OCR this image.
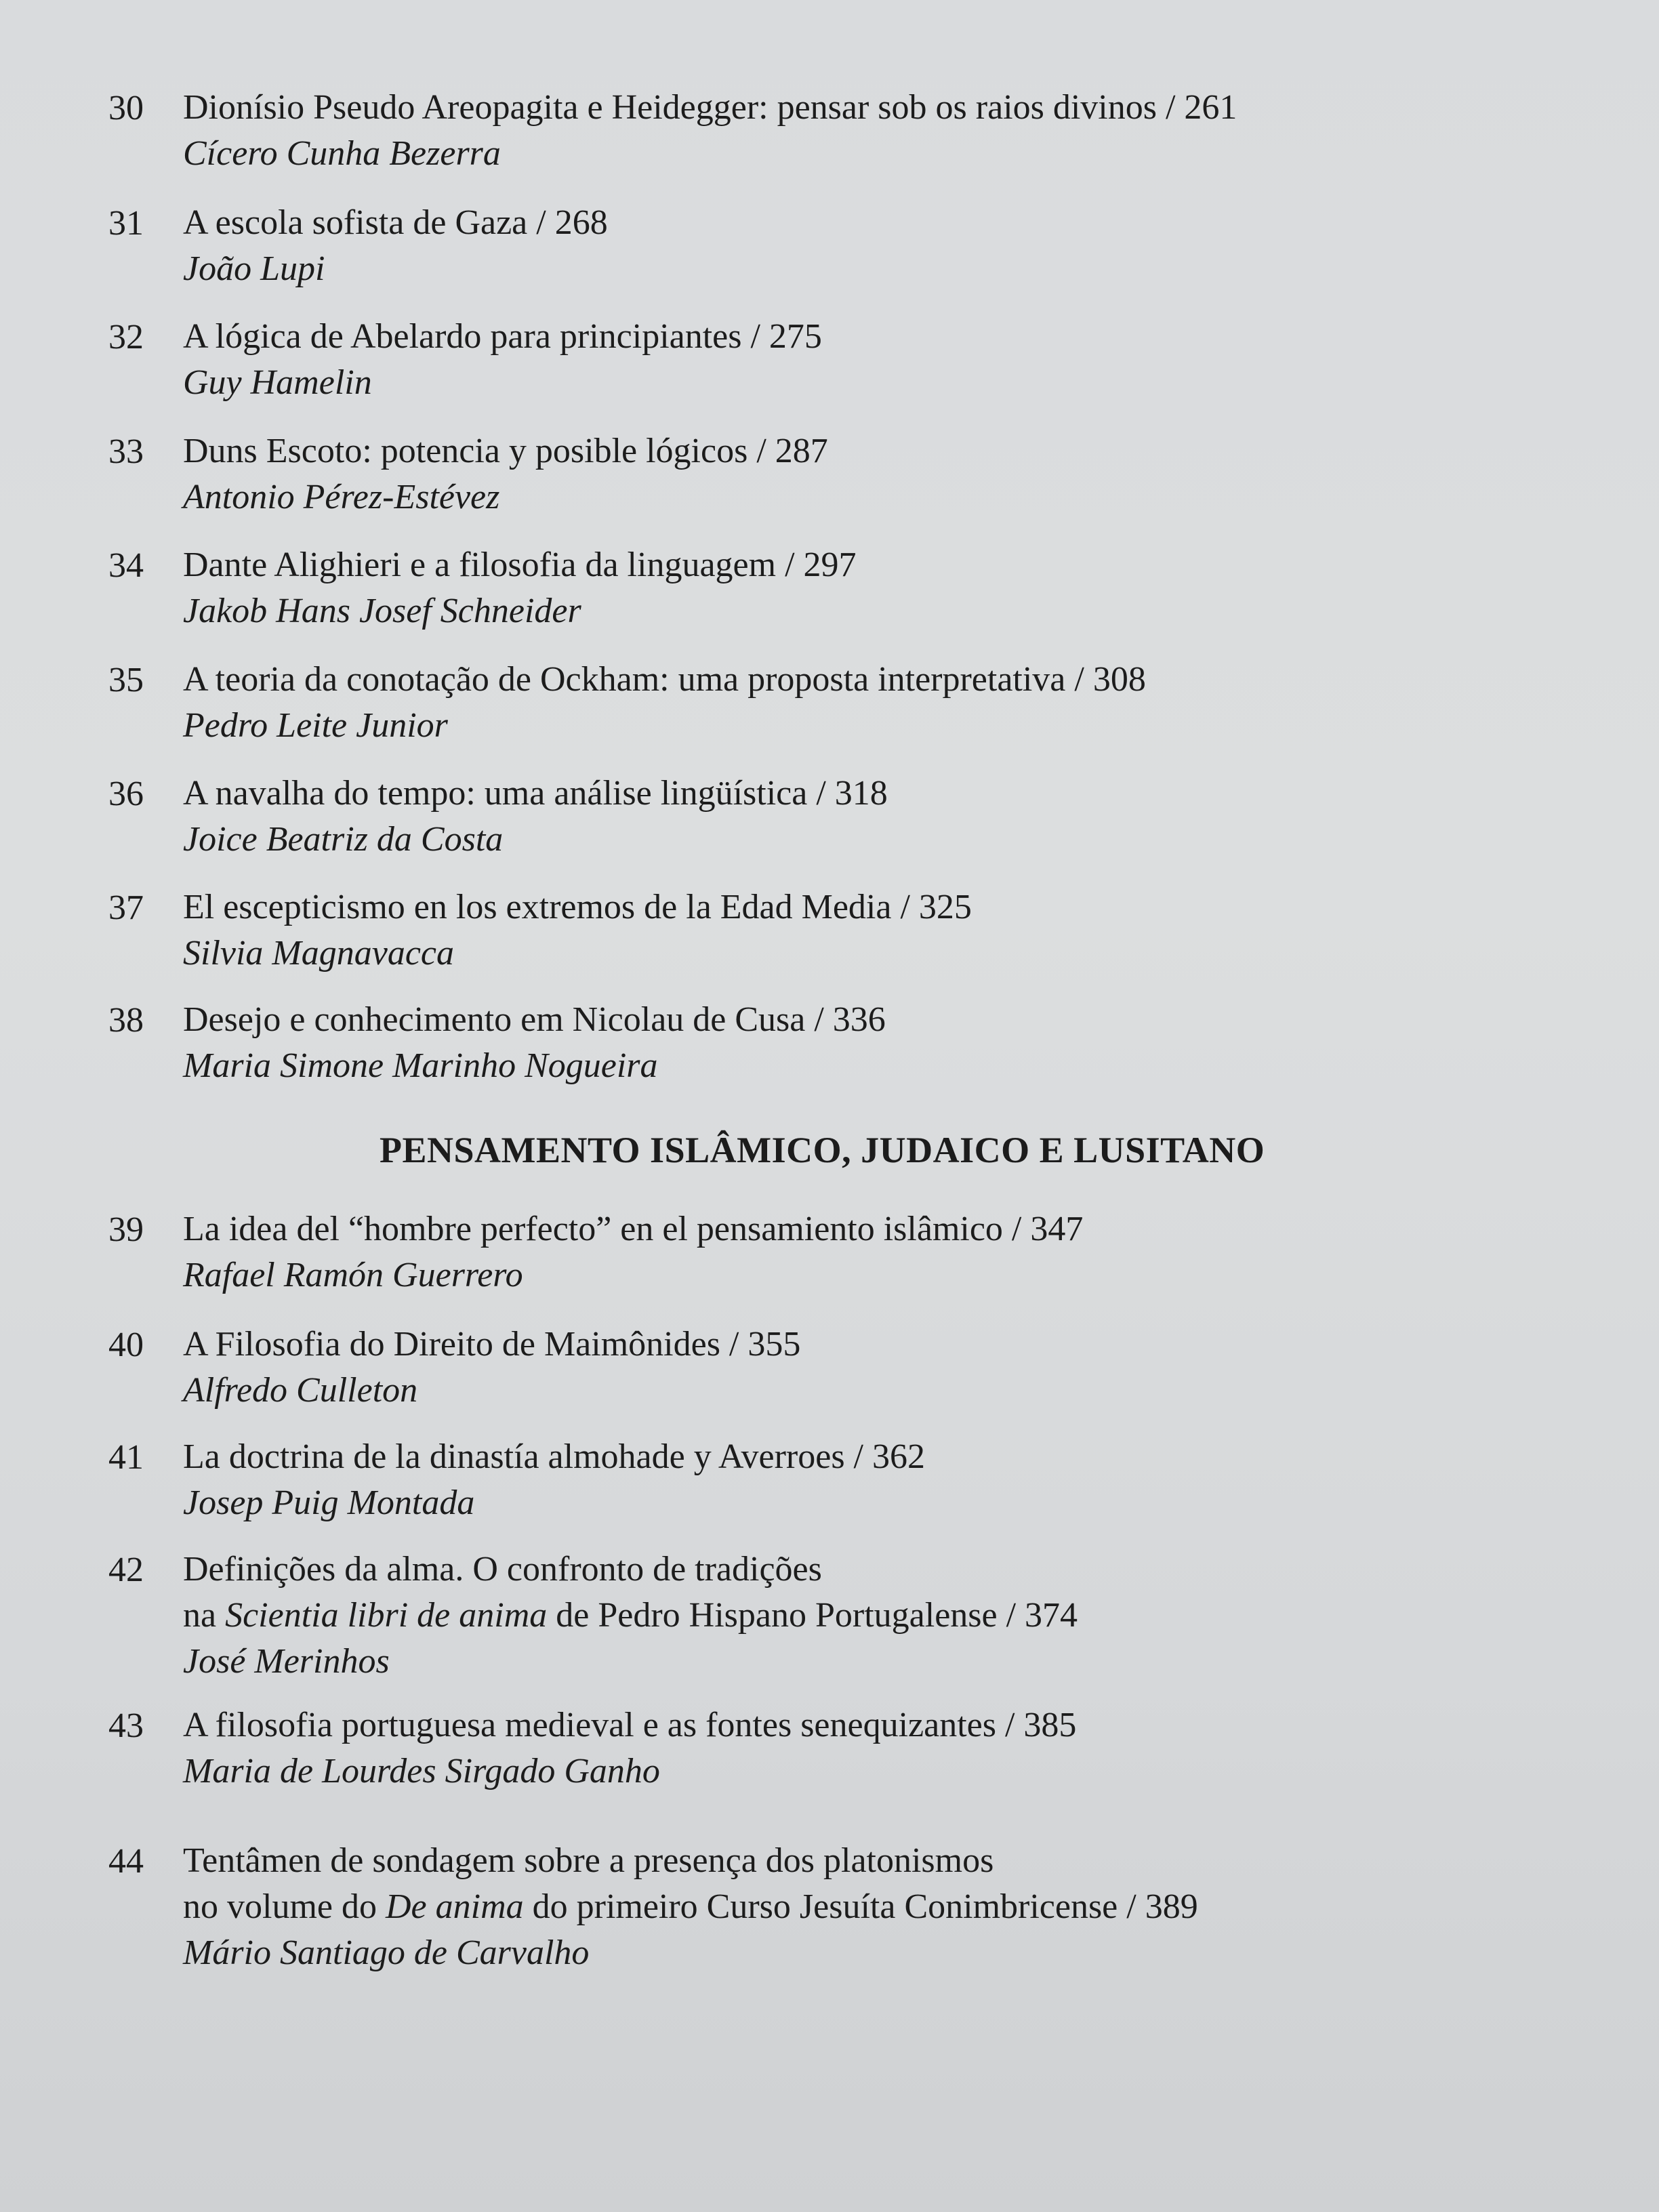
30	Dionísio Pseudo Areopagita e Heidegger: pensar sob os raios divinos / 261
Cícero Cunha Bezerra
31	A escola sofista de Gaza / 268
João Lupi
32	A lógica de Abelardo para principiantes / 275
Guy Hamelin
33	Duns Escoto: potencia y posible lógicos / 287
Antonio Pérez-Estévez
34	Dante Alighieri e a filosofia da linguagem / 297
Jakob Hans Josef Schneider
35	A teoria da conotação de Ockham: uma proposta interpretativa / 308
Pedro Leite Junior
36	A navalha do tempo: uma análise lingüística / 318
Joice Beatriz da Costa
37	El escepticismo en los extremos de la Edad Media / 325
Silvia Magnavacca
38	Desejo e conhecimento em Nicolau de Cusa / 336
Maria Simone Marinho Nogueira
PENSAMENTO ISLÂMICO, JUDAICO E LUSITANO
39	La idea del “hombre perfecto” en el pensamiento islâmico / 347
Rafael Ramón Guerrero
40	A Filosofia do Direito de Maimônides / 355
Alfredo Culleton
41	La doctrina de la dinastía almohade y Averroes / 362
Josep Puig Montada
42	Definições da alma. O confronto de tradições
na Scientia libri de anima de Pedro Hispano Portugalense / 374
José Merinhos
43	A filosofia portuguesa medieval e as fontes senequizantes / 385
Maria de Lourdes Sirgado Ganho
44	Tentâmen de sondagem sobre a presença dos platonismos
no volume do De anima do primeiro Curso Jesuíta Conimbricense / 389
Mário Santiago de Carvalho
